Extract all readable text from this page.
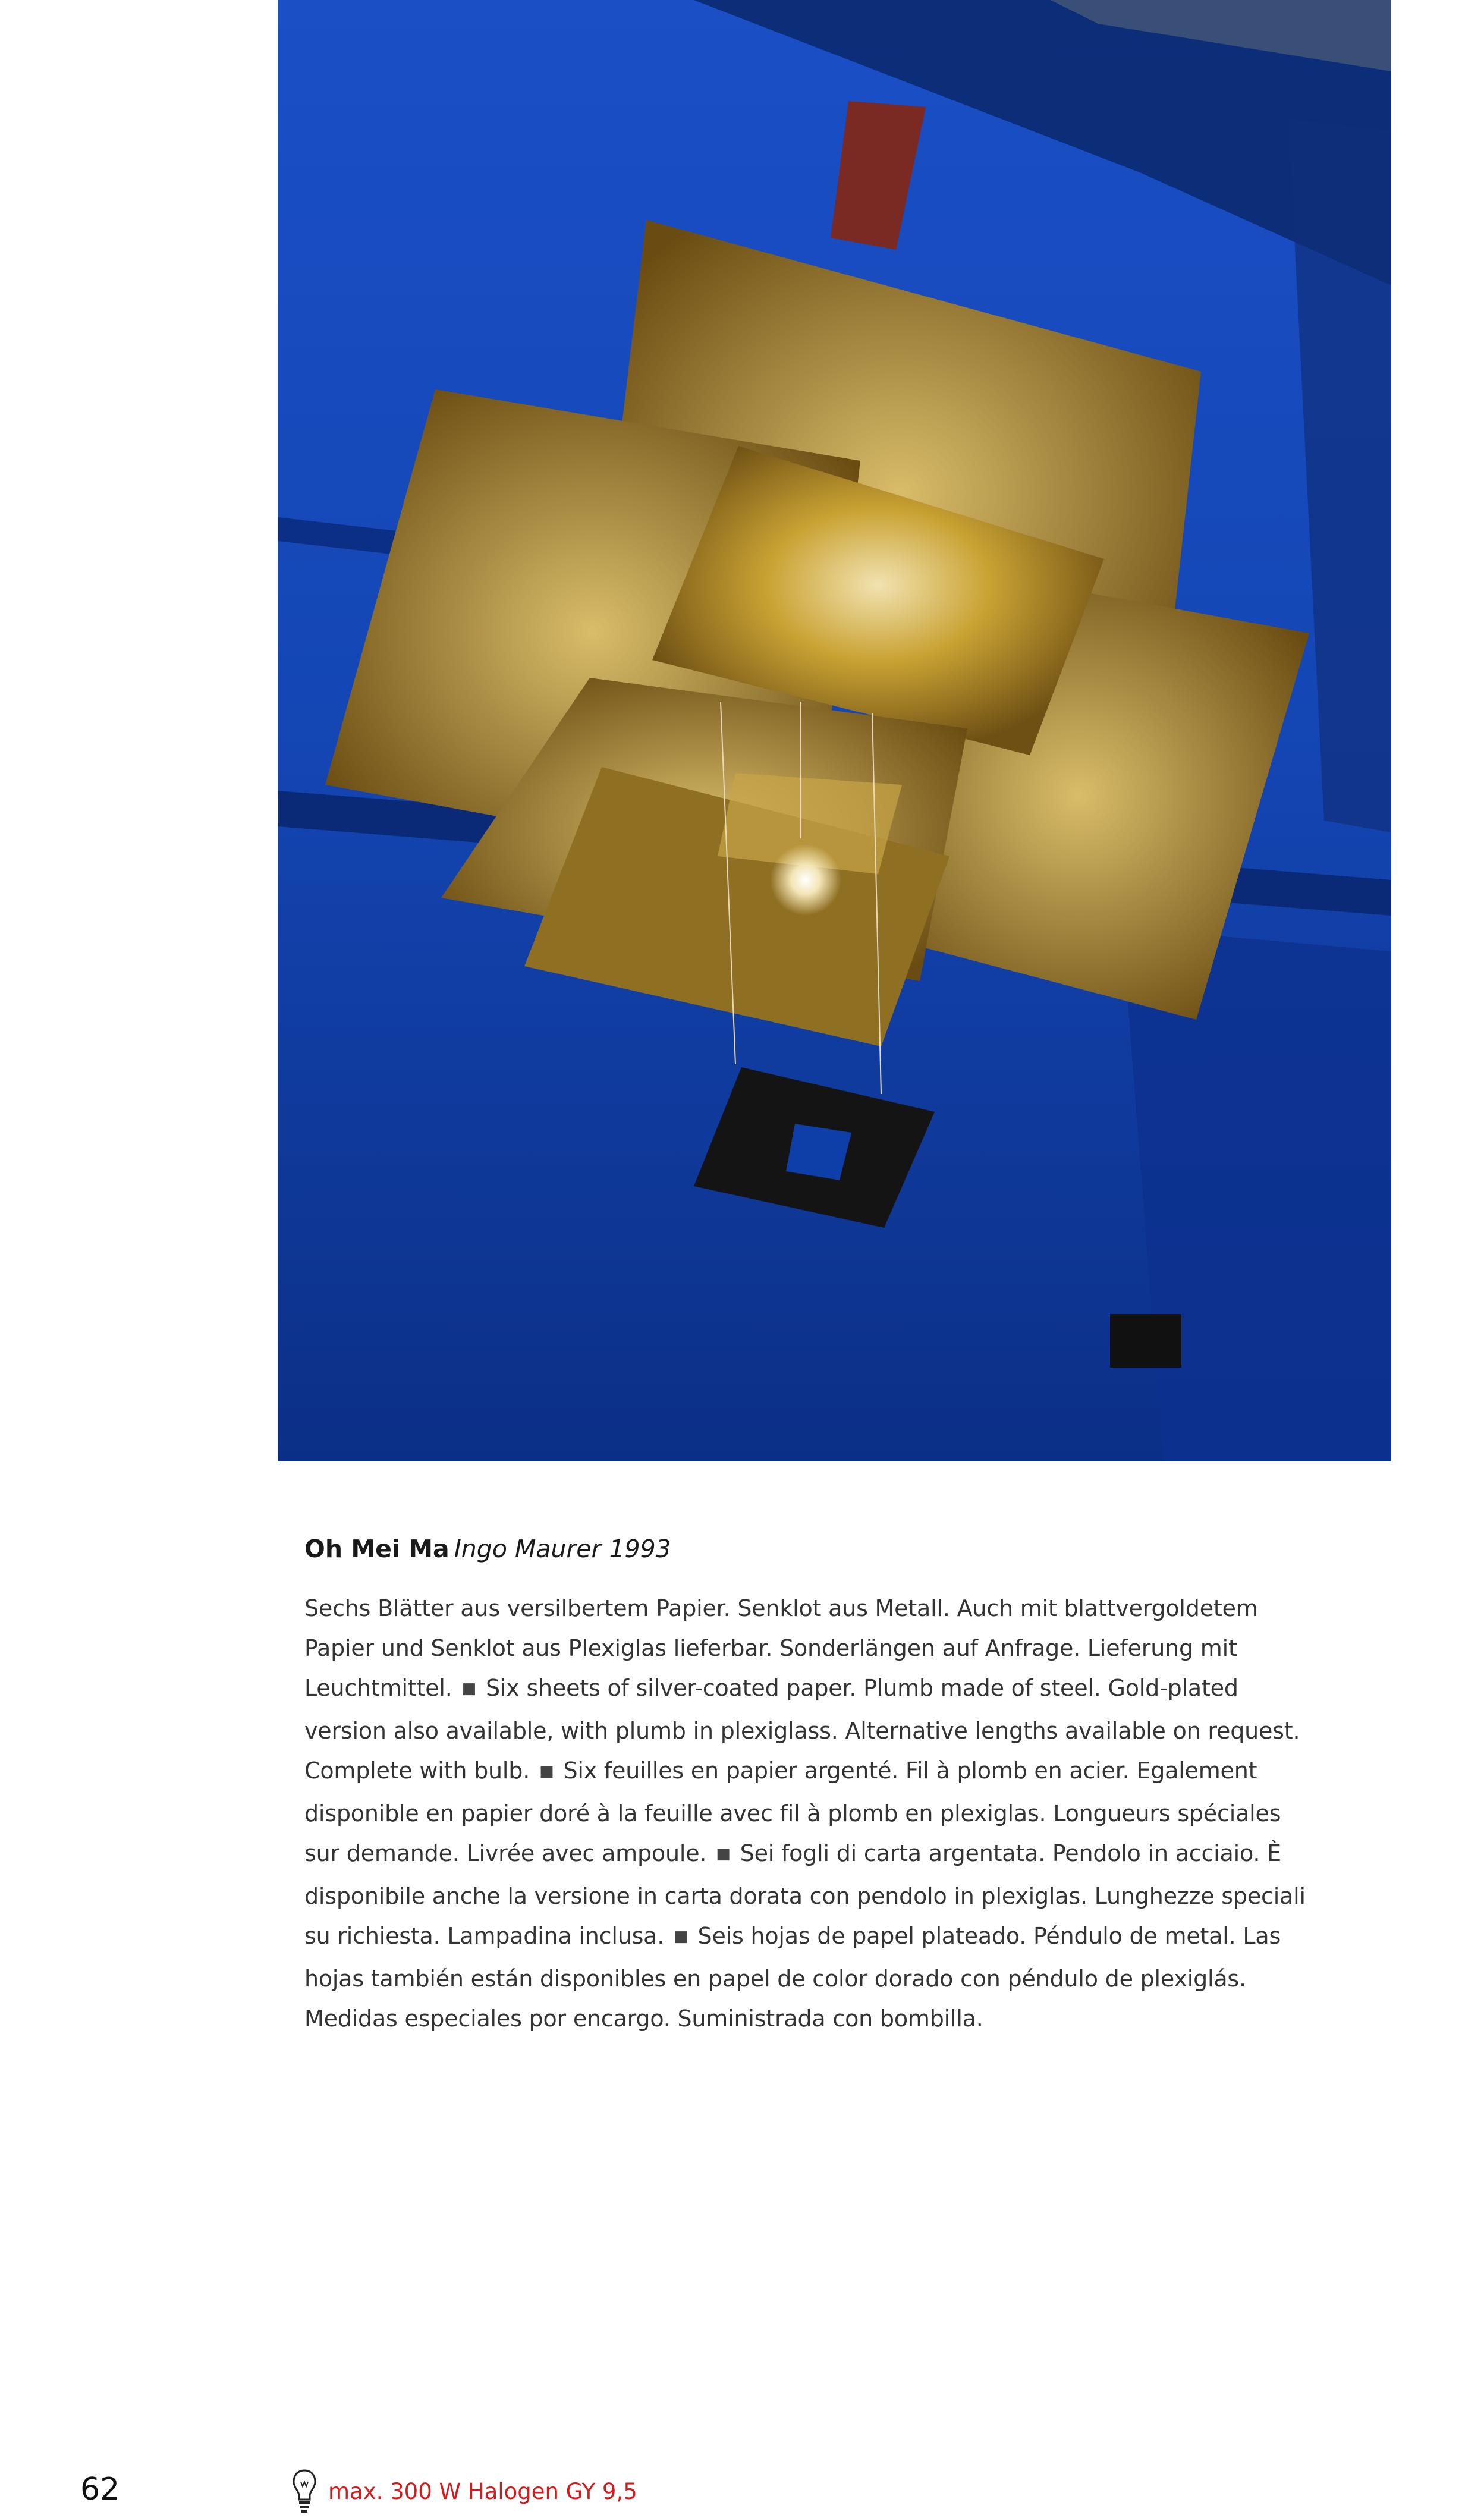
Oh Mei Ma Ingo Maurer 1993

Sechs Blätter aus versilbertem Papier. Senklot aus Metall. Auch mit blattvergoldetem Papier und Senklot aus Plexiglas lieferbar. Sonderlängen auf Anfrage. Lieferung mit Leuchtmittel. ■ Six sheets of silver-coated paper. Plumb made of steel. Gold-plated version also available, with plumb in plexiglass. Alternative lengths available on request. Complete with bulb. ■ Six feuilles en papier argenté. Fil à plomb en acier. Egalement disponible en papier doré à la feuille avec fil à plomb en plexiglas. Longueurs spéciales sur demande. Livrée avec ampoule. ■ Sei fogli di carta argentata. Pendolo in acciaio. È disponibile anche la versione in carta dorata con pendolo in plexiglas. Lunghezze speciali su richiesta. Lampadina inclusa. ■ Seis hojas de papel plateado. Péndulo de metal. Las hojas también están disponibles en papel de color dorado con péndulo de plexiglás. Medidas especiales por encargo. Suministrada con bombilla.

62	max. 300 W Halogen GY 9,5
